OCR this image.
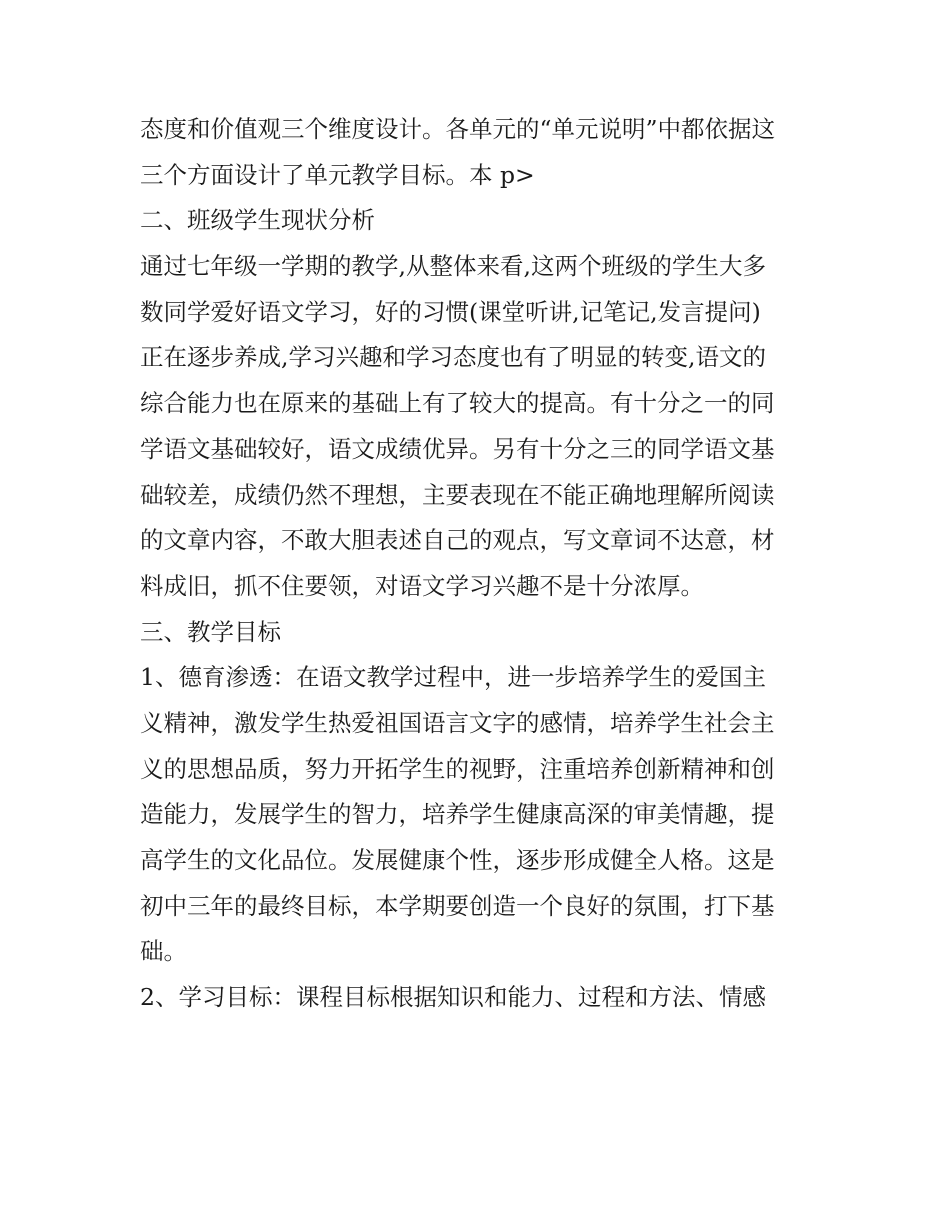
态度和价值观三个维度设计。各单元的“单元说明”中都依据这
三个方面设计了单元教学目标。本 p>
二、班级学生现状分析
通过七年级一学期的教学,从整体来看,这两个班级的学生大多
数同学爱好语文学习，好的习惯(课堂听讲,记笔记,发言提问)
正在逐步养成,学习兴趣和学习态度也有了明显的转变,语文的
综合能力也在原来的基础上有了较大的提高。有十分之一的同
学语文基础较好，语文成绩优异。另有十分之三的同学语文基
础较差，成绩仍然不理想，主要表现在不能正确地理解所阅读
的文章内容，不敢大胆表述自己的观点，写文章词不达意，材
料成旧，抓不住要领，对语文学习兴趣不是十分浓厚。
三、教学目标
1、德育渗透：在语文教学过程中，进一步培养学生的爱国主
义精神，激发学生热爱祖国语言文字的感情，培养学生社会主
义的思想品质，努力开拓学生的视野，注重培养创新精神和创
造能力，发展学生的智力，培养学生健康高深的审美情趣，提
高学生的文化品位。发展健康个性，逐步形成健全人格。这是
初中三年的最终目标，本学期要创造一个良好的氛围，打下基
础。
2、学习目标：课程目标根据知识和能力、过程和方法、情感
